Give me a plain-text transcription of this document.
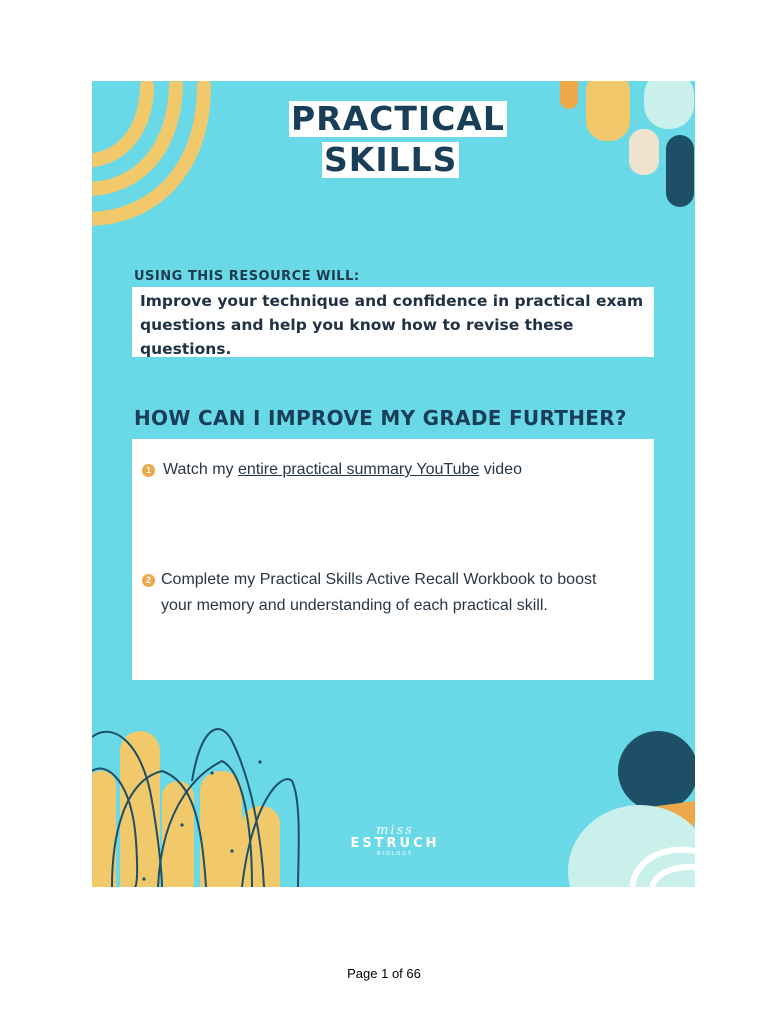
PRACTICAL
SKILLS
USING THIS RESOURCE WILL:
Improve your technique and confidence in practical exam questions and help you know how to revise these questions.
HOW CAN I IMPROVE MY GRADE FURTHER?
1 Watch my entire practical summary YouTube video
2 Complete my Practical Skills Active Recall Workbook to boost your memory and understanding of each practical skill.
miss
ESTRUCH
BIOLOGY
Page 1 of 66
